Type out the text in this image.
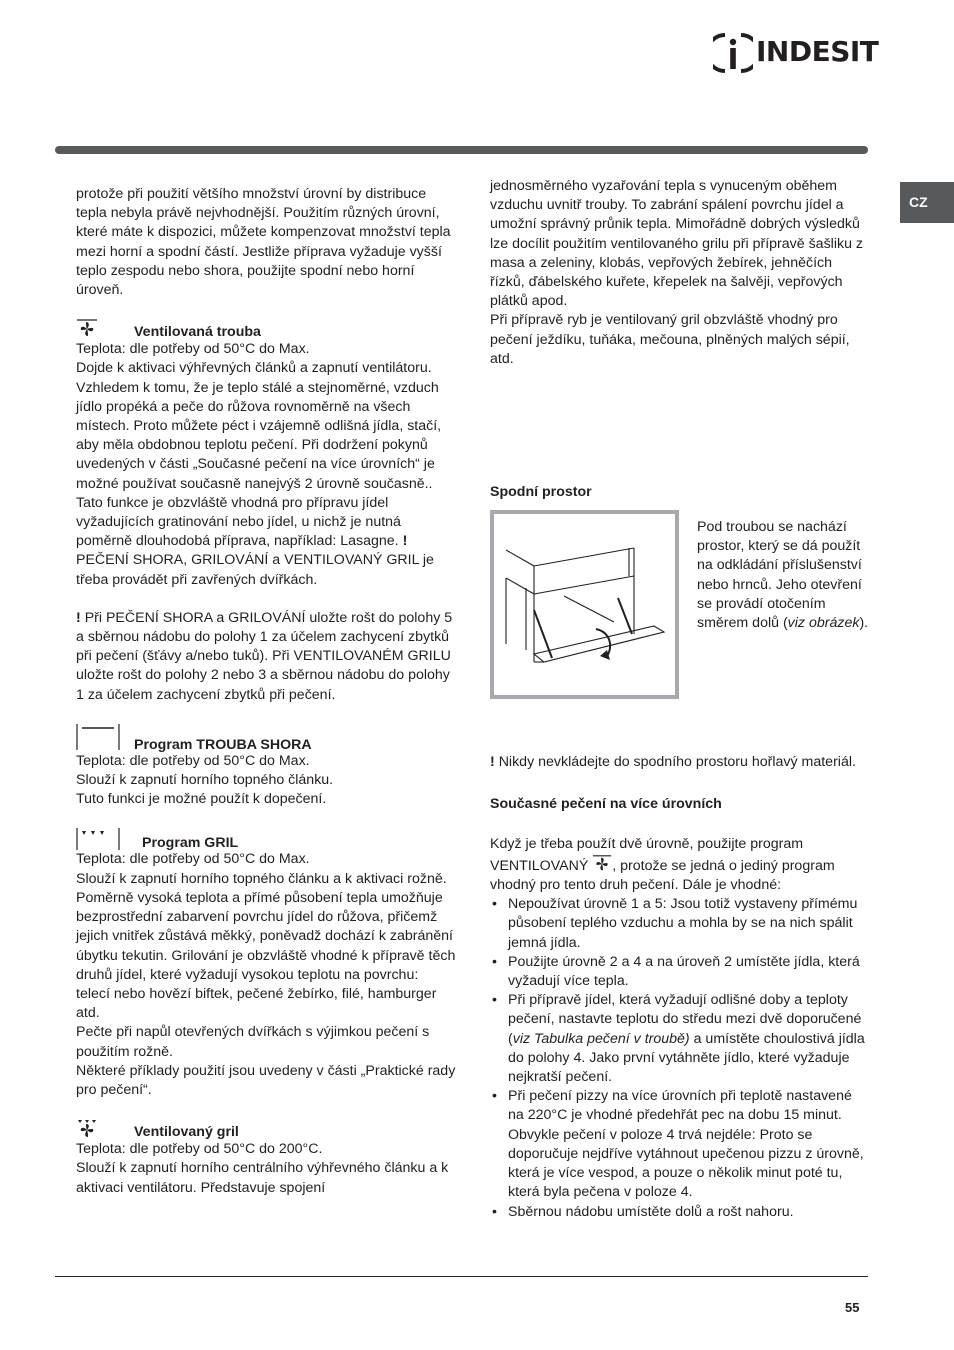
INDESIT
CZ

protože při použití většího množství úrovní by distribuce tepla nebyla právě nejvhodnější. Použitím různých úrovní, které máte k dispozici, můžete kompenzovat množství tepla mezi horní a spodní částí. Jestliže příprava vyžaduje vyšší teplo zespodu nebo shora, použijte spodní nebo horní úroveň.

Ventilovaná trouba

Teplota: dle potřeby od 50°C do Max.

Dojde k aktivaci výhřevných článků a zapnutí ventilátoru. Vzhledem k tomu, že je teplo stálé a stejnoměrné, vzduch jídlo propéká a peče do růžova rovnoměrně na všech místech. Proto můžete péct i vzájemně odlišná jídla, stačí, aby měla obdobnou teplotu pečení. Při dodržení pokynů uvedených v části „Současné pečení na více úrovních“ je možné používat současně nanejvýš 2 úrovně současně..

Tato funkce je obzvláště vhodná pro přípravu jídel vyžadujících gratinování nebo jídel, u nichž je nutná poměrně dlouhodobá příprava, například: Lasagne. ! PEČENÍ SHORA, GRILOVÁNÍ a VENTILOVANÝ GRIL je třeba provádět při zavřených dvířkách.

! Při PEČENÍ SHORA a GRILOVÁNÍ uložte rošt do polohy 5 a sběrnou nádobu do polohy 1 za účelem zachycení zbytků při pečení (šťávy a/nebo tuků). Při VENTILOVANÉM GRILU uložte rošt do polohy 2 nebo 3 a sběrnou nádobu do polohy 1 za účelem zachycení zbytků při pečení.

Program TROUBA SHORA

Teplota: dle potřeby od 50°C do Max.

Slouží k zapnutí horního topného článku.

Tuto funkci je možné použít k dopečení.

Program GRIL

Teplota: dle potřeby od 50°C do Max.

Slouží k zapnutí horního topného článku a k aktivaci rožně.

Poměrně vysoká teplota a přímé působení tepla umožňuje bezprostřední zabarvení povrchu jídel do růžova, přičemž jejich vnitřek zůstává měkký, poněvadž dochází k zabránění úbytku tekutin. Grilování je obzvláště vhodné k přípravě těch druhů jídel, které vyžadují vysokou teplotu na povrchu: telecí nebo hovězí biftek, pečené žebírko, filé, hamburger atd.

Pečte při napůl otevřených dvířkách s výjimkou pečení s použitím rožně.

Některé příklady použití jsou uvedeny v části „Praktické rady pro pečení“.

Ventilovaný gril

Teplota: dle potřeby od 50°C do 200°C.

Slouží k zapnutí horního centrálního výhřevného článku a k aktivaci ventilátoru. Představuje spojení

jednosměrného vyzařování tepla s vynuceným oběhem vzduchu uvnitř trouby. To zabrání spálení povrchu jídel a umožní správný průnik tepla. Mimořádně dobrých výsledků lze docílit použitím ventilovaného grilu při přípravě šašliku z masa a zeleniny, klobás, vepřových žebírek, jehněčích řízků, ďábelského kuřete, křepelek na šalvěji, vepřových plátků apod.

Při přípravě ryb je ventilovaný gril obzvláště vhodný pro pečení ježdíku, tuňáka, mečouna, plněných malých sépií, atd.

Spodní prostor

! Nikdy nevkládejte do spodního prostoru hořlavý materiál.

Současné pečení na více úrovních

Když je třeba použít dvě úrovně, použijte program VENTILOVANÝ , protože se jedná o jediný program vhodný pro tento druh pečení. Dále je vhodné:

• Nepoužívat úrovně 1 a 5: Jsou totiž vystaveny přímému působení teplého vzduchu a mohla by se na nich spálit jemná jídla.
• Použijte úrovně 2 a 4 a na úroveň 2 umístěte jídla, která vyžadují více tepla.
• Při přípravě jídel, která vyžadují odlišné doby a teploty pečení, nastavte teplotu do středu mezi dvě doporučené (viz Tabulka pečení v troubě) a umístěte choulostivá jídla do polohy 4. Jako první vytáhněte jídlo, které vyžaduje nejkratší pečení.
• Při pečení pizzy na více úrovních při teplotě nastavené na 220°C je vhodné předehřát pec na dobu 15 minut. Obvykle pečení v poloze 4 trvá nejdéle: Proto se doporučuje nejdříve vytáhnout upečenou pizzu z úrovně, která je více vespod, a pouze o několik minut poté tu, která byla pečena v poloze 4.
• Sběrnou nádobu umístěte dolů a rošt nahoru.
Pod troubou se nachází prostor, který se dá použít na odkládání příslušenství nebo hrnců. Jeho otevření se provádí otočením směrem dolů (viz obrázek).
55
